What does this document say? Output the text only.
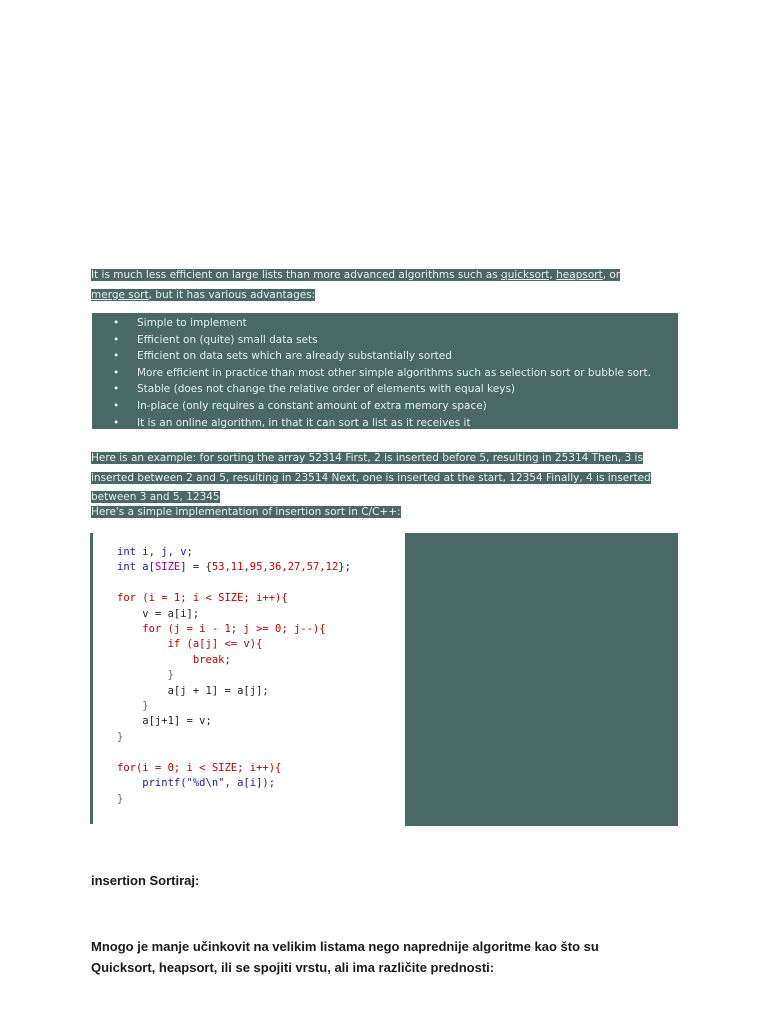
It is much less efficient on large lists than more advanced algorithms such as quicksort, heapsort, or merge sort, but it has various advantages:
• Simple to implement
• Efficient on (quite) small data sets
• Efficient on data sets which are already substantially sorted
• More efficient in practice than most other simple algorithms such as selection sort or bubble sort.
• Stable (does not change the relative order of elements with equal keys)
• In-place (only requires a constant amount of extra memory space)
• It is an online algorithm, in that it can sort a list as it receives it
Here is an example: for sorting the array 52314 First, 2 is inserted before 5, resulting in 25314 Then, 3 is inserted between 2 and 5, resulting in 23514 Next, one is inserted at the start, 12354 Finally, 4 is inserted between 3 and 5, 12345
Here's a simple implementation of insertion sort in C/C++:
int i, j, v;
int a[SIZE] = {53,11,95,36,27,57,12};

for (i = 1; i < SIZE; i++){
v = a[i];
for (j = i - 1; j >= 0; j--){
if (a[j] <= v){
break;
}
a[j + 1] = a[j];
}
a[j+1] = v;
}

for(i = 0; i < SIZE; i++){
printf("%d\n", a[i]);
}
insertion Sortiraj:
Mnogo je manje učinkovit na velikim listama nego naprednije algoritme kao što su Quicksort, heapsort, ili se spojiti vrstu, ali ima različite prednosti:
